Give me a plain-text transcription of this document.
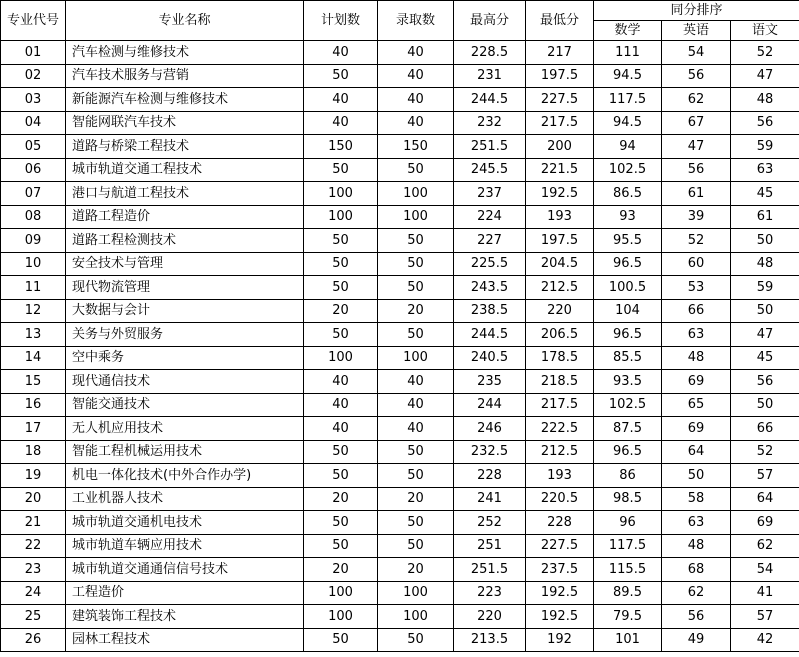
专业代号	专业名称	计划数	录取数	最高分	最低分	同分排序		
						数学	英语	语文
01	汽车检测与维修技术	40	40	228.5	217	111	54	52
02	汽车技术服务与营销	50	40	231	197.5	94.5	56	47
03	新能源汽车检测与维修技术	40	40	244.5	227.5	117.5	62	48
04	智能网联汽车技术	40	40	232	217.5	94.5	67	56
05	道路与桥梁工程技术	150	150	251.5	200	94	47	59
06	城市轨道交通工程技术	50	50	245.5	221.5	102.5	56	63
07	港口与航道工程技术	100	100	237	192.5	86.5	61	45
08	道路工程造价	100	100	224	193	93	39	61
09	道路工程检测技术	50	50	227	197.5	95.5	52	50
10	安全技术与管理	50	50	225.5	204.5	96.5	60	48
11	现代物流管理	50	50	243.5	212.5	100.5	53	59
12	大数据与会计	20	20	238.5	220	104	66	50
13	关务与外贸服务	50	50	244.5	206.5	96.5	63	47
14	空中乘务	100	100	240.5	178.5	85.5	48	45
15	现代通信技术	40	40	235	218.5	93.5	69	56
16	智能交通技术	40	40	244	217.5	102.5	65	50
17	无人机应用技术	40	40	246	222.5	87.5	69	66
18	智能工程机械运用技术	50	50	232.5	212.5	96.5	64	52
19	机电一体化技术(中外合作办学)	50	50	228	193	86	50	57
20	工业机器人技术	20	20	241	220.5	98.5	58	64
21	城市轨道交通机电技术	50	50	252	228	96	63	69
22	城市轨道车辆应用技术	50	50	251	227.5	117.5	48	62
23	城市轨道交通通信信号技术	20	20	251.5	237.5	115.5	68	54
24	工程造价	100	100	223	192.5	89.5	62	41
25	建筑装饰工程技术	100	100	220	192.5	79.5	56	57
26	园林工程技术	50	50	213.5	192	101	49	42
